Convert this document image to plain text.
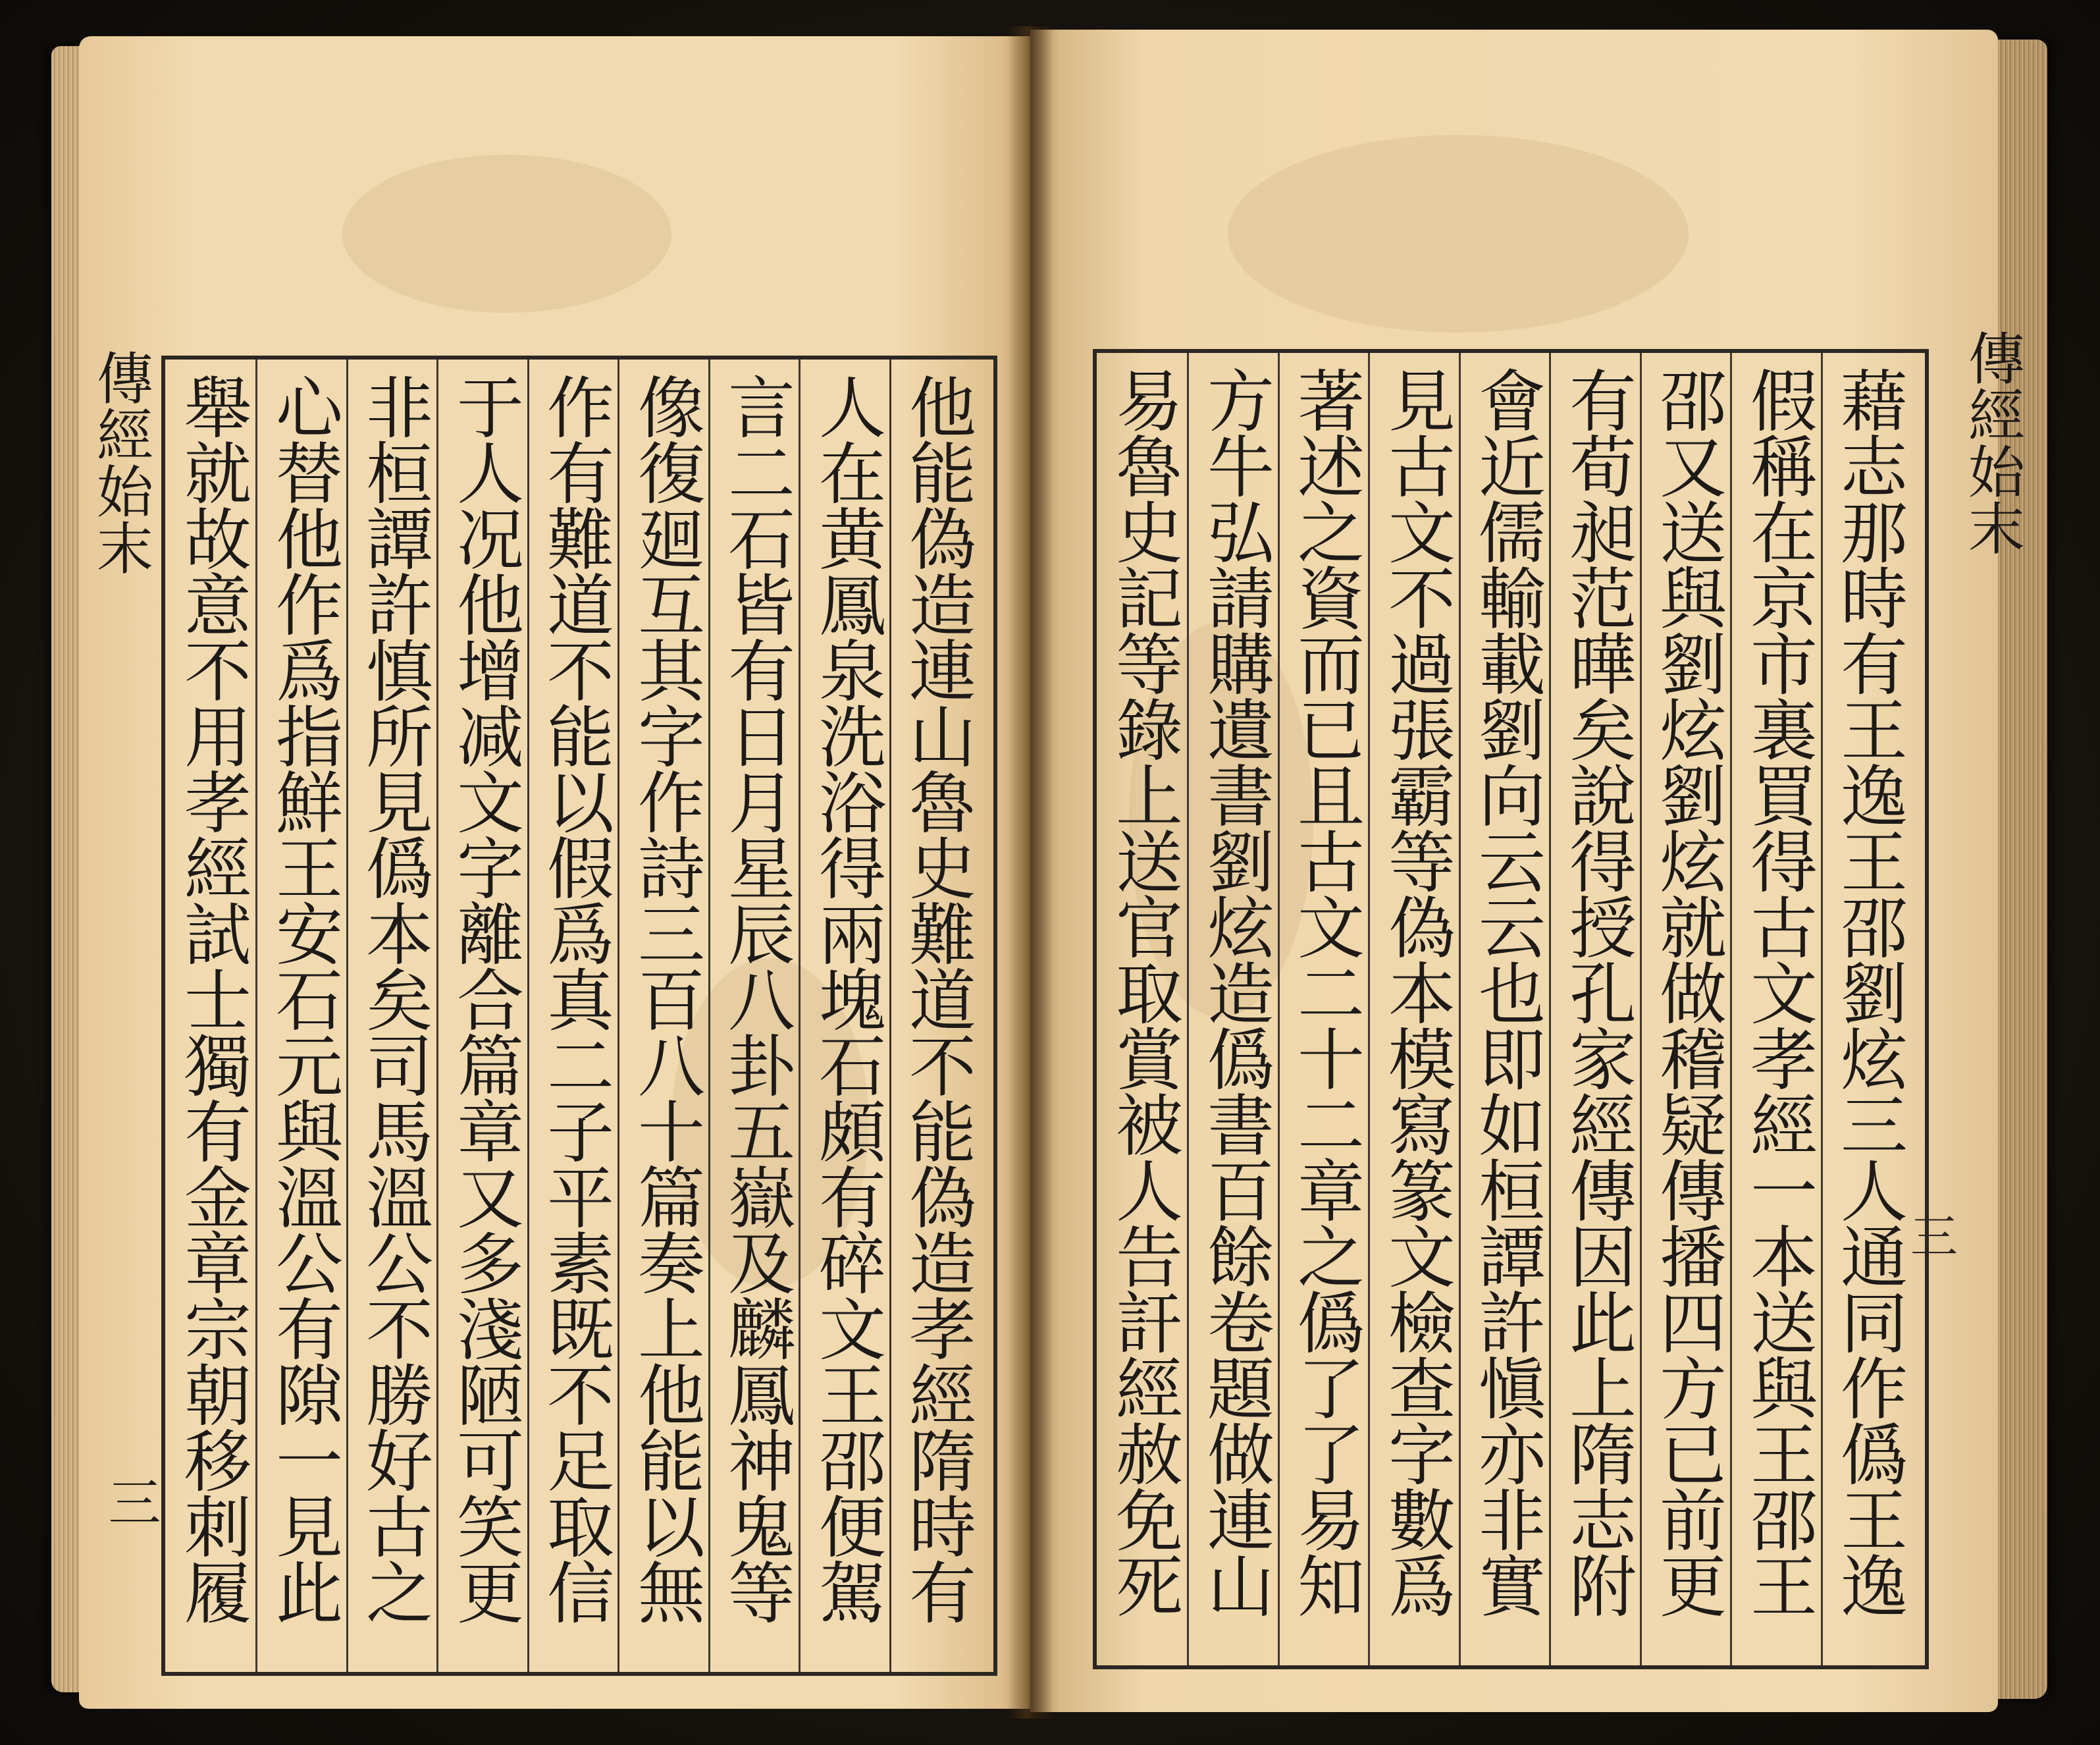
傳經始末
三
傳經始末
三
他能偽造連山魯史難道不能偽造孝經隋時有
人在黄鳳泉洗浴得兩塊石頗有碎文王邵便駕
言二石皆有日月星辰八卦五嶽及麟鳳神鬼等
像復廻互其字作詩三百八十篇奏上他能以無
作有難道不能以假爲真二子平素既不足取信
于人况他增减文字離合篇章又多淺陋可笑更
非桓譚許慎所見僞本矣司馬溫公不勝好古之
心替他作爲指鮮王安石元與溫公有隙一見此
舉就故意不用孝經試士獨有金章宗朝移刺履	藉志那時有王逸王邵劉炫三人通同作僞王逸
假稱在京市裏買得古文孝經一本送與王邵王
邵又送與劉炫劉炫就做稽疑傳播四方已前更
有荀昶范曄矣說得授孔家經傳因此上隋志附
會近儒輸載劉向云云也即如桓譚許愼亦非實
見古文不過張霸等偽本模寫篆文檢查字數爲
著述之資而已且古文二十二章之僞了了易知
方牛弘請購遺書劉炫造僞書百餘卷題做連山
易魯史記等錄上送官取賞被人告訐經赦免死
